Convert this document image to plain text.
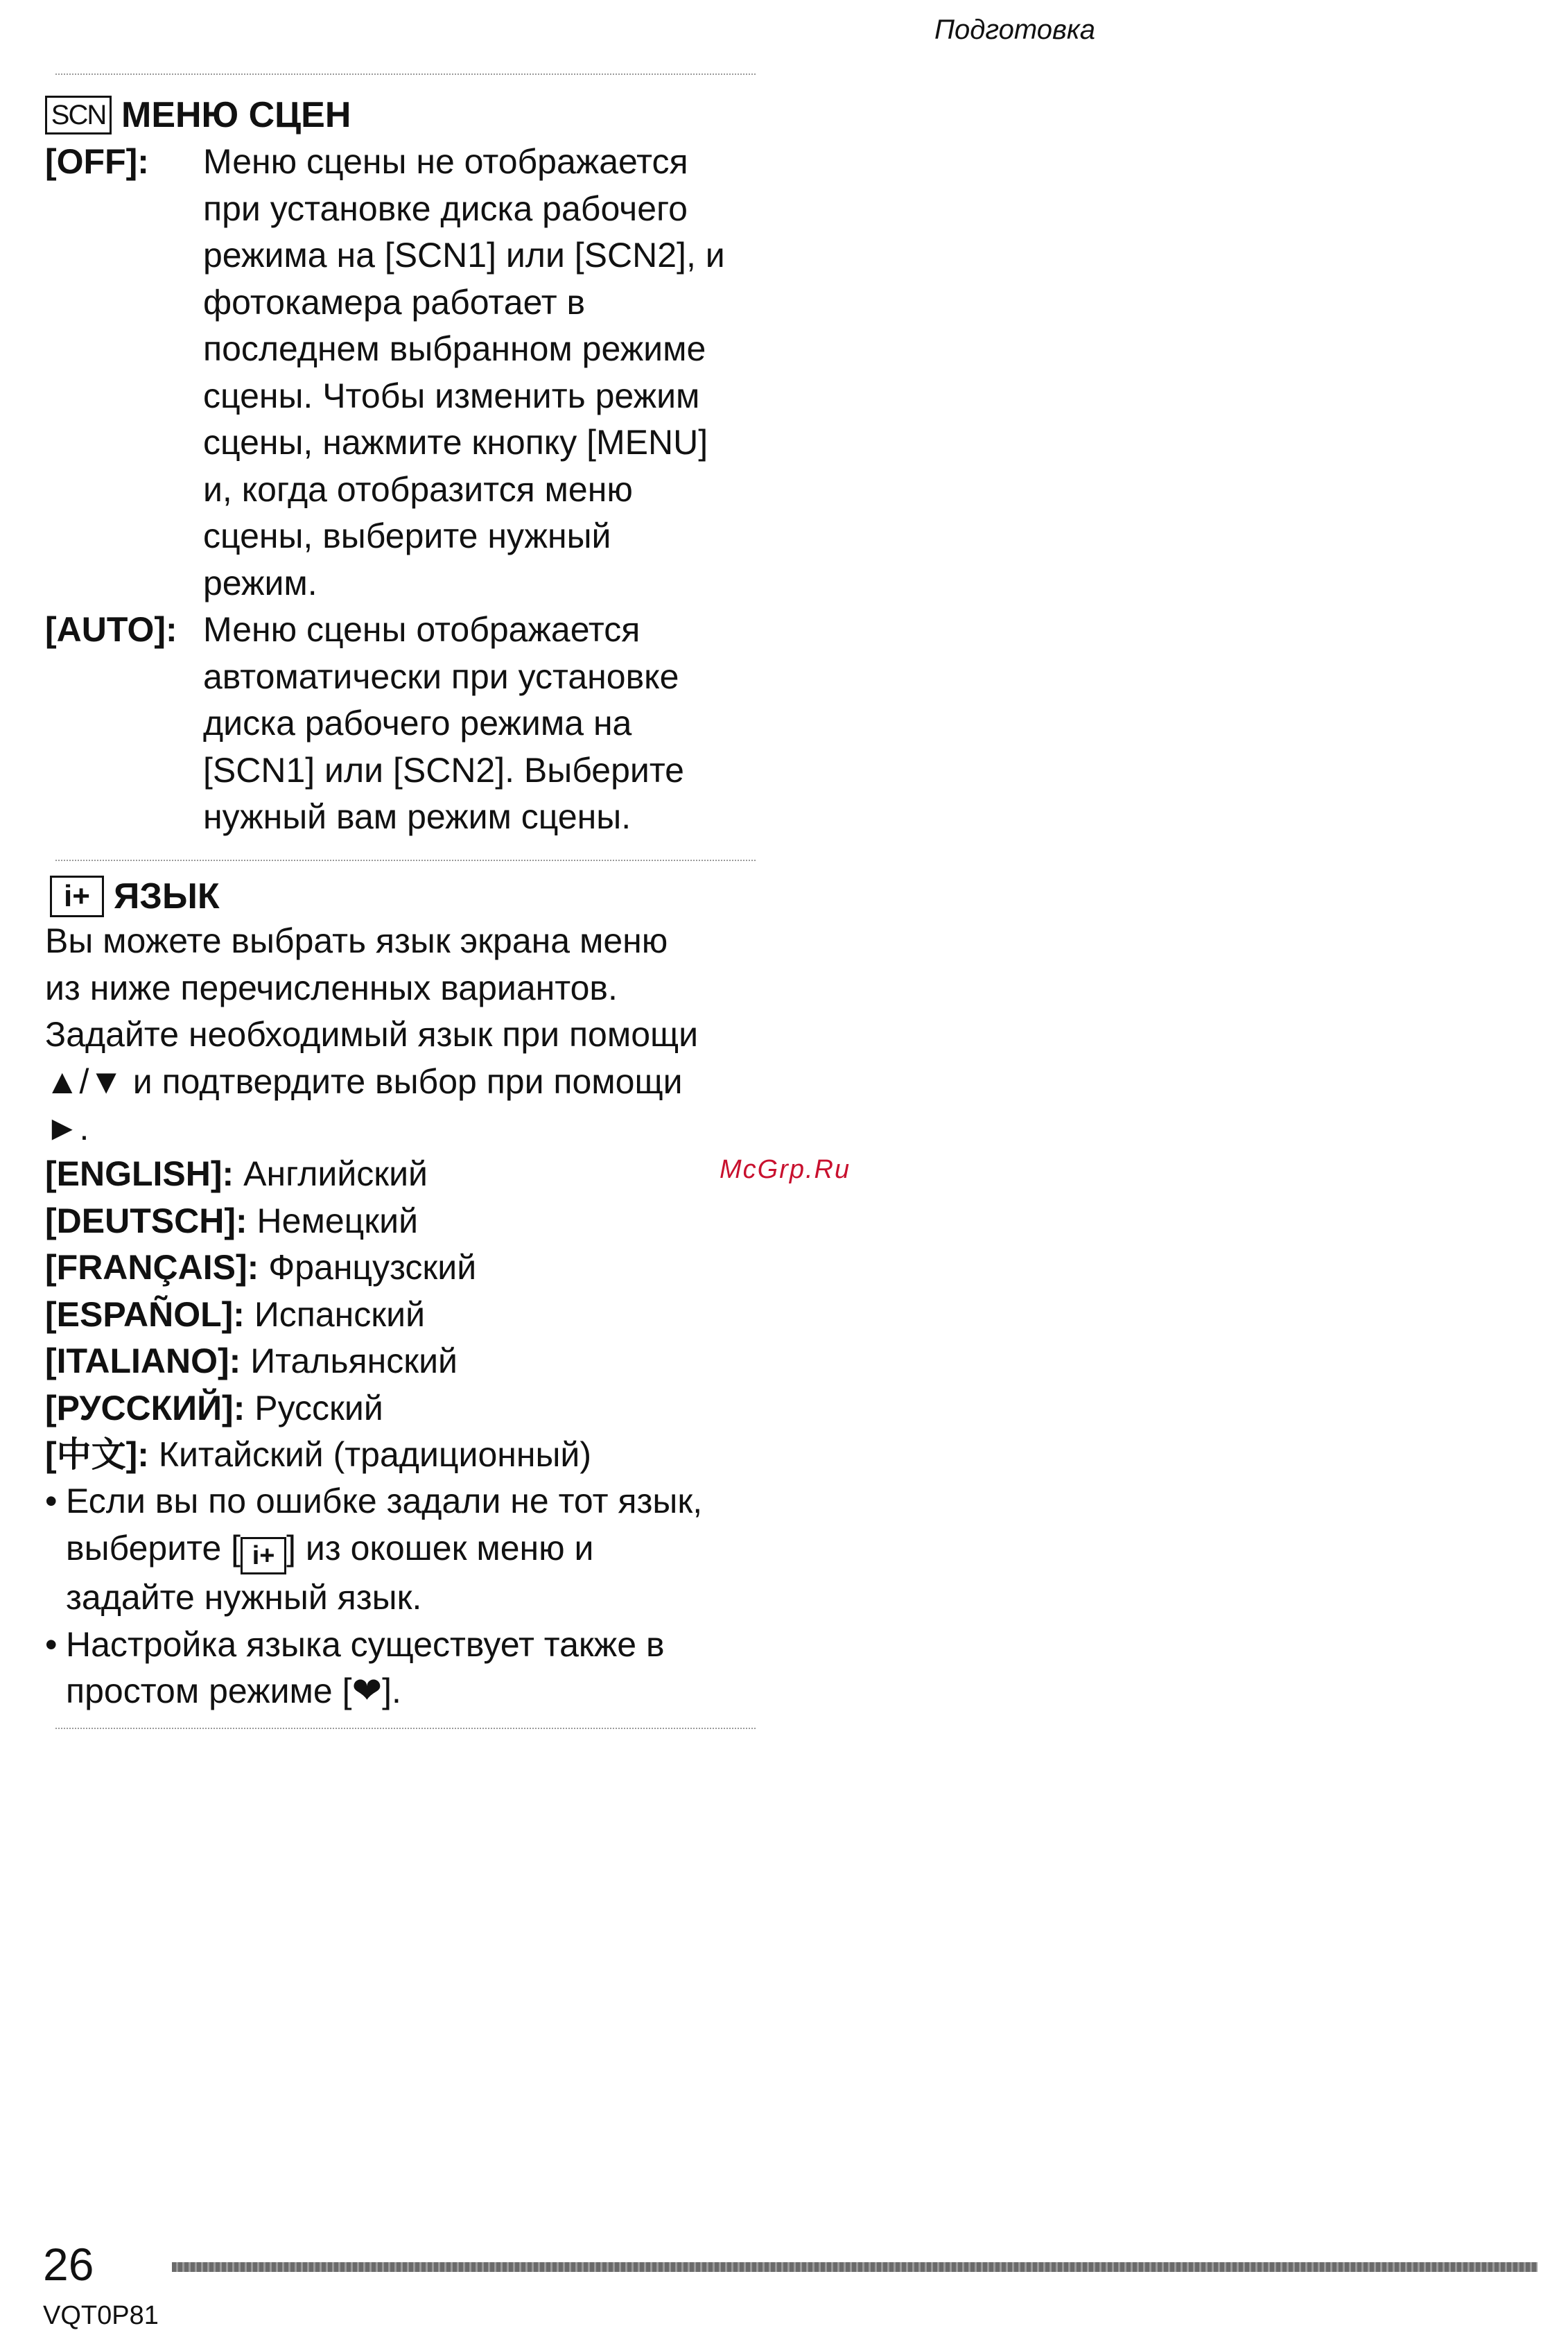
Подготовка
SCN МЕНЮ СЦЕН
[OFF]: Меню сцены не отображается
при установке диска рабочего
режима на [SCN1] или [SCN2], и
фотокамера работает в
последнем выбранном режиме
сцены. Чтобы изменить режим
сцены, нажмите кнопку [MENU]
и, когда отобразится меню
сцены, выберите нужный
режим.
[AUTO]: Меню сцены отображается
автоматически при установке
диска рабочего режима на
[SCN1] или [SCN2]. Выберите
нужный вам режим сцены.
i+ ЯЗЫК
Вы можете выбрать язык экрана меню
из ниже перечисленных вариантов.
Задайте необходимый язык при помощи
▲/▼ и подтвердите выбор при помощи
►.
McGrp.Ru
[ENGLISH]: Английский
[DEUTSCH]: Немецкий
[FRANÇAIS]: Французский
[ESPAÑOL]: Испанский
[ITALIANO]: Итальянский
[РУССКИЙ]: Русский
[中文]: Китайский (традиционный)
• Если вы по ошибке задали не тот язык,
выберите [ i+ ] из окошек меню и
задайте нужный язык.
• Настройка языка существует также в
простом режиме [❤].
26
VQT0P81
